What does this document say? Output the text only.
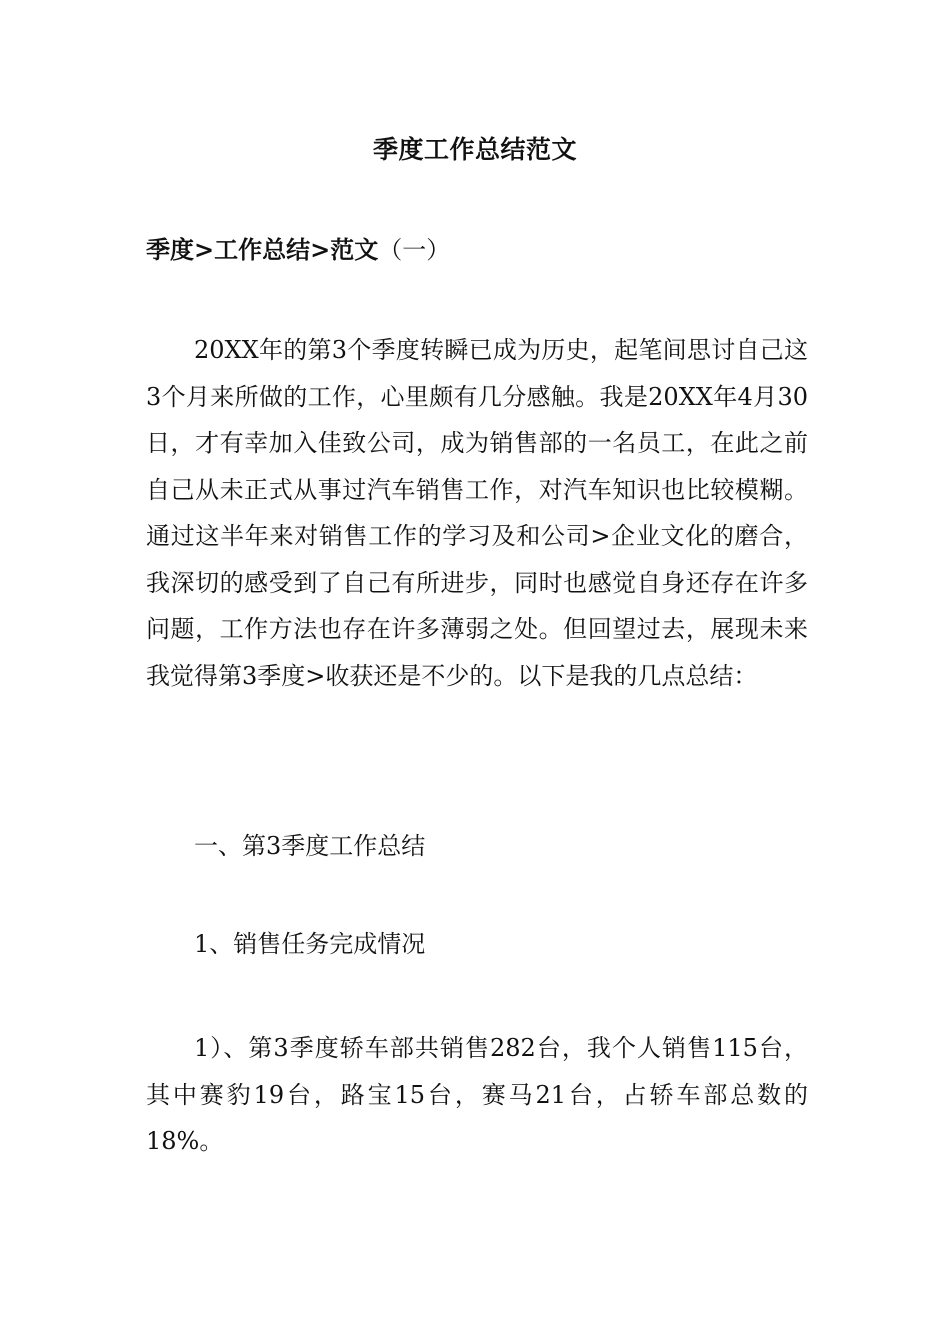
季度工作总结范文
季度>工作总结>范文（一）

20XX年的第3个季度转瞬已成为历史，起笔间思讨自己这3个月来所做的工作，心里颇有几分感触。我是20XX年4月30日，才有幸加入佳致公司，成为销售部的一名员工，在此之前自己从未正式从事过汽车销售工作，对汽车知识也比较模糊。通过这半年来对销售工作的学习及和公司>企业文化的磨合，我深切的感受到了自己有所进步，同时也感觉自身还存在许多问题，工作方法也存在许多薄弱之处。但回望过去，展现未来我觉得第3季度>收获还是不少的。以下是我的几点总结：

一、第3季度工作总结

1、销售任务完成情况

1）、第3季度轿车部共销售282台，我个人销售115台，其中赛豹19台，路宝15台，赛马21台，占轿车部总数的18%。
